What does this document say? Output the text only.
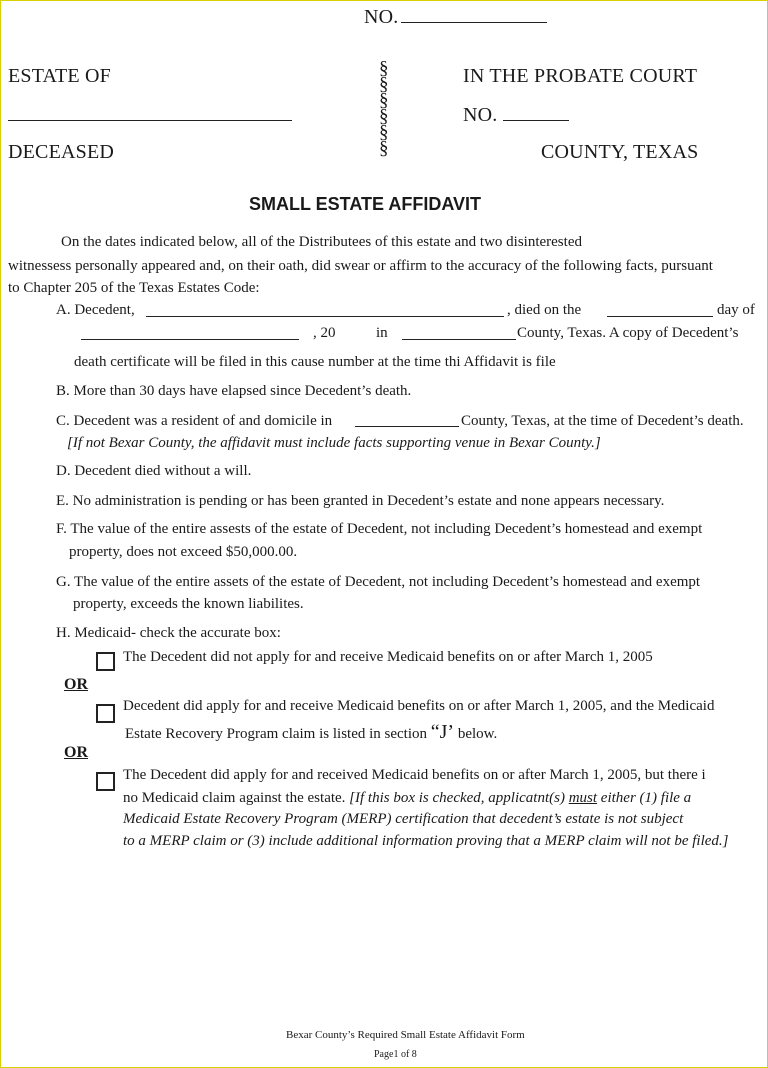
NO.
ESTATE OF
DECEASED
§
§
§
§
§
§
IN THE PROBATE COURT
NO.
COUNTY, TEXAS
SMALL ESTATE AFFIDAVIT
On the dates indicated below, all of the Distributees of this estate and two disinterested
witnessess personally appeared and, on their oath, did swear or affirm to the accuracy of the following facts, pursuant
to Chapter 205 of the Texas Estates Code:
A. Decedent,	, died on the	day of
, 20	in	County, Texas. A copy of Decedent’s
death certificate will be filed in this cause number at the time thi Affidavit is file
B. More than 30 days have elapsed since Decedent’s death.
C. Decedent was a resident of and domicile in	County, Texas, at the time of Decedent’s death.
[If not Bexar County, the affidavit must include facts supporting venue in Bexar County.]
D. Decedent died without a will.
E. No administration is pending or has been granted in Decedent’s estate and none appears necessary.
F. The value of the entire assests of the estate of Decedent, not including Decedent’s homestead and exempt
property, does not exceed $50,000.00.
G. The value of the entire assets of the estate of Decedent, not including Decedent’s homestead and exempt
property, exceeds the known liabilites.
H. Medicaid- check the accurate box:
The Decedent did not apply for and receive Medicaid benefits on or after March 1, 2005
OR
Decedent did apply for and receive Medicaid benefits on or after March 1, 2005, and the Medicaid
Estate Recovery Program claim is listed in section “J’ below.
OR
The Decedent did apply for and received Medicaid benefits on or after March 1, 2005, but there i
no Medicaid claim against the estate. [If this box is checked, applicatnt(s) must either (1) file a
Medicaid Estate Recovery Program (MERP) certification that decedent’s estate is not subject
to a MERP claim or (3) include additional information proving that a MERP claim will not be filed.]
Bexar County’s Required Small Estate Affidavit Form
Page1 of 8
